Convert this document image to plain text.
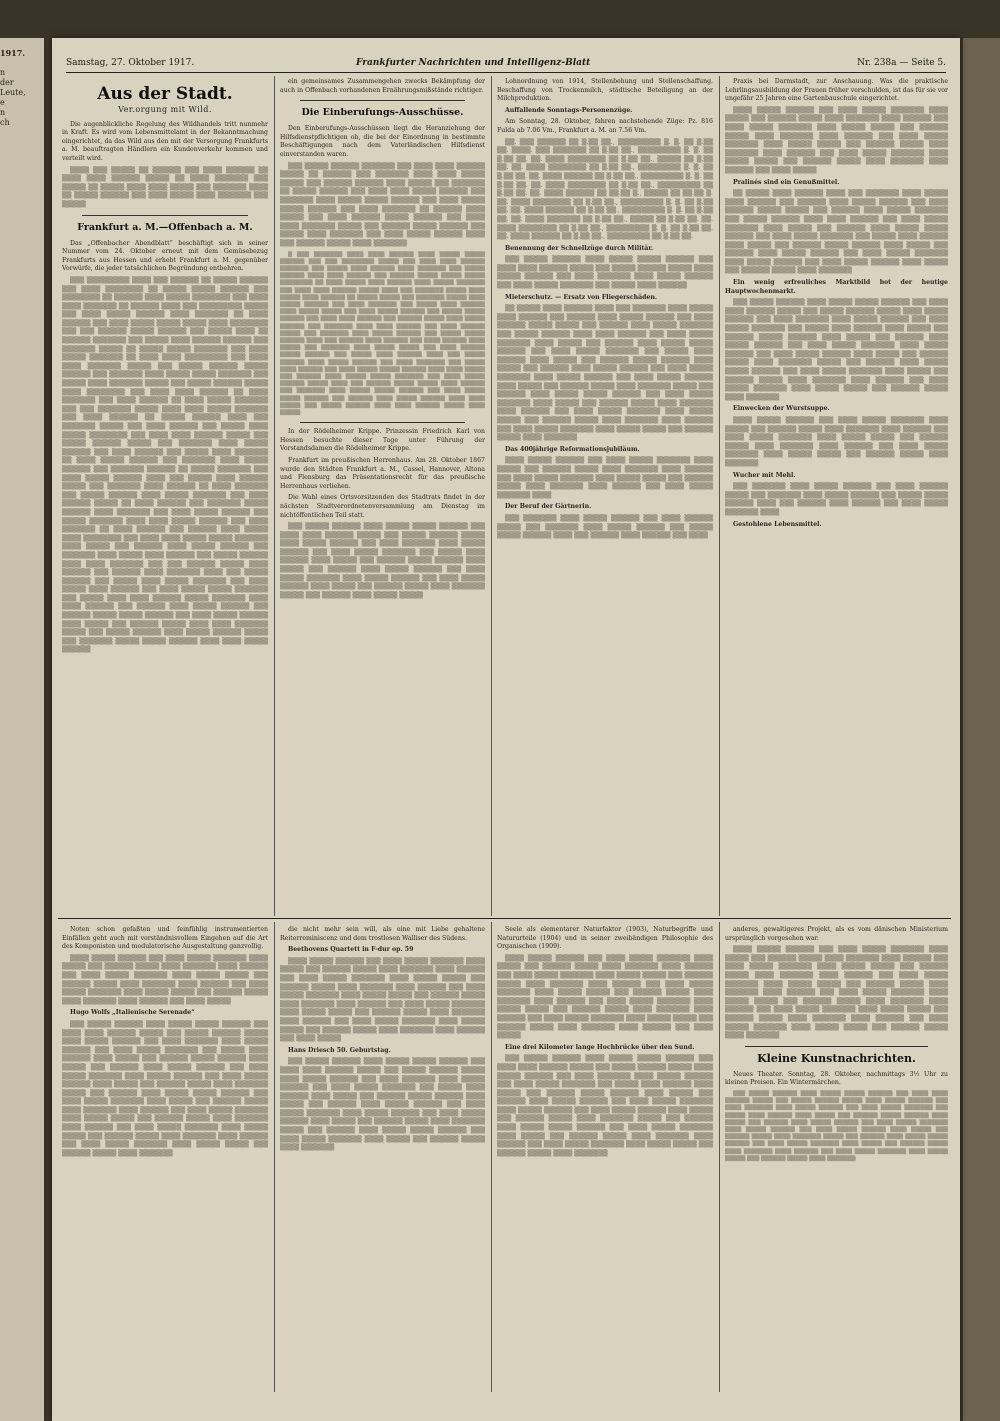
1917.
n
der
Leute,
e
n
ch
Samstag, 27. Oktober 1917.	Frankfurter Nachrichten und Intelligenz-Blatt	Nr. 238a — Seite 5.
Aus der Stadt.
Ver.orgung mit Wild.

Die augenblickliche Regelung des Wildhandels tritt nunmehr in Kraft. Es wird vom Lebensmittelamt in der Bekanntmachung eingerichtet, da das Wild aus den mit der Versorgung Frankfurts a. M. beauftragten Händlern ein Kundenverkehr kommen und verteilt wird.

▒▒▒▒ ▒▒▒ ▒▒▒▒▒ ▒▒ ▒▒▒▒▒▒ ▒▒▒ ▒▒▒▒ ▒▒▒▒▒▒ ▒▒ ▒▒▒▒ ▒▒▒▒ ▒▒▒▒▒▒ ▒▒▒▒▒ ▒▒ ▒▒▒▒ ▒▒▒▒▒▒▒ ▒▒▒ ▒▒▒▒▒ ▒▒ ▒▒▒▒▒ ▒▒▒▒ ▒▒▒▒ ▒▒▒▒▒ ▒▒▒ ▒▒▒▒▒▒▒ ▒▒▒▒ ▒▒ ▒▒▒▒▒ ▒▒▒▒▒▒ ▒▒▒ ▒▒▒▒ ▒▒▒▒▒ ▒▒▒▒ ▒▒▒▒▒▒▒ ▒▒▒ ▒▒▒▒▒

Frankfurt a. M.—Offenbach a. M.

Das „Offenbacher Abendblatt“ beschäftigt sich in seiner Nummer vom 24. Oktober erneut mit dem Gemüsebezug Frankfurts aus Hessen und erhebt Frankfurt a. M. gegenüber Vorwürfe, die jeder tatsächlichen Begründung entbehren.

▒▒▒ ▒▒▒▒▒▒▒▒▒ ▒▒▒▒ ▒▒▒ ▒▒▒▒▒▒ ▒▒ ▒▒▒▒▒ ▒▒▒▒▒▒ ▒▒▒ ▒▒▒▒ ▒▒▒▒▒▒▒▒ ▒▒ ▒▒▒▒▒ ▒▒▒▒▒ ▒▒▒▒▒▒ ▒▒▒ ▒▒▒▒▒▒▒▒ ▒▒ ▒▒▒▒▒▒ ▒▒▒▒ ▒▒▒▒▒ ▒▒▒▒▒▒▒▒ ▒▒▒ ▒▒▒▒ ▒▒▒▒ ▒▒▒▒▒▒▒ ▒▒ ▒▒▒▒▒▒ ▒▒▒▒ ▒▒▒ ▒▒▒▒▒▒▒▒▒ ▒▒▒▒▒ ▒▒▒ ▒▒▒▒ ▒▒▒▒▒ ▒▒▒▒▒▒ ▒▒▒▒ ▒▒▒▒▒▒▒ ▒▒ ▒▒▒▒ ▒▒▒▒▒▒ ▒▒▒ ▒▒▒▒ ▒▒▒▒▒ ▒▒▒▒▒ ▒▒▒▒▒ ▒▒▒▒ ▒▒▒▒▒▒▒▒ ▒▒▒ ▒▒▒ ▒▒▒▒▒▒ ▒▒▒▒▒ ▒▒▒▒▒▒ ▒▒▒ ▒▒▒▒▒ ▒▒▒▒ ▒▒ ▒▒▒▒▒▒ ▒▒▒▒▒▒▒ ▒▒▒ ▒▒▒▒▒ ▒▒▒▒ ▒▒▒▒▒▒ ▒▒▒▒▒▒ ▒▒▒ ▒▒▒▒▒▒▒ ▒▒▒▒▒ ▒▒ ▒▒▒▒▒ ▒▒▒▒▒ ▒▒▒▒▒▒▒ ▒▒▒ ▒▒▒▒ ▒▒▒▒▒ ▒▒▒▒▒▒▒ ▒▒ ▒▒▒▒ ▒▒▒▒ ▒▒▒▒▒▒▒▒▒ ▒▒▒ ▒▒▒▒ ▒▒▒▒ ▒▒▒▒▒▒▒ ▒▒▒▒▒ ▒▒▒ ▒▒▒▒▒ ▒▒▒▒▒▒ ▒▒▒▒▒ ▒▒▒▒▒▒ ▒▒▒ ▒▒▒▒▒▒▒ ▒▒▒▒ ▒▒▒▒▒ ▒▒▒▒▒ ▒▒▒▒▒▒▒ ▒▒▒ ▒▒▒▒▒ ▒▒▒▒ ▒▒▒▒▒▒▒ ▒▒▒▒▒ ▒▒▒ ▒▒▒▒▒ ▒▒▒▒▒▒ ▒▒▒▒▒ ▒▒▒▒ ▒▒▒▒▒▒▒▒ ▒▒▒ ▒▒▒▒ ▒▒▒▒ ▒▒▒▒▒▒ ▒▒ ▒▒▒▒ ▒▒▒▒▒▒▒ ▒▒▒ ▒▒▒▒ ▒▒▒▒▒▒ ▒▒ ▒▒▒▒ ▒▒▒▒▒ ▒▒▒▒▒▒▒ ▒▒▒ ▒▒▒ ▒▒▒▒▒▒▒ ▒▒▒▒▒ ▒▒▒▒ ▒▒▒▒ ▒▒▒▒▒ ▒▒▒▒▒▒▒ ▒▒▒ ▒▒▒▒ ▒▒▒▒▒▒ ▒▒ ▒▒▒▒▒ ▒▒▒▒▒▒ ▒▒▒▒ ▒▒▒ ▒▒▒▒▒▒▒ ▒▒▒▒▒ ▒▒▒ ▒▒▒▒ ▒▒▒▒▒▒ ▒▒▒ ▒▒▒▒▒ ▒▒▒▒ ▒▒▒▒▒ ▒▒▒▒▒▒▒▒ ▒▒▒ ▒▒▒▒ ▒▒▒▒ ▒▒▒▒▒▒ ▒▒▒▒▒ ▒▒▒ ▒▒▒▒▒ ▒▒▒▒▒▒ ▒▒▒▒▒ ▒▒▒ ▒▒▒▒▒▒▒ ▒▒▒▒ ▒▒▒▒▒ ▒▒▒▒▒▒ ▒▒▒ ▒▒▒▒ ▒▒▒▒▒▒ ▒▒▒ ▒▒▒▒▒ ▒▒▒▒ ▒▒▒▒▒▒▒ ▒▒ ▒▒▒▒ ▒▒▒▒▒ ▒▒▒▒▒▒ ▒▒▒ ▒▒▒▒▒▒▒ ▒▒▒▒ ▒▒▒▒▒ ▒▒▒▒▒▒ ▒▒▒ ▒▒▒▒▒▒▒ ▒▒▒▒▒▒ ▒▒ ▒▒▒▒▒ ▒▒▒▒▒▒▒ ▒▒▒ ▒▒▒▒ ▒▒▒▒▒ ▒▒▒▒▒▒ ▒▒▒▒ ▒▒▒ ▒▒▒▒▒ ▒▒▒▒ ▒▒▒▒▒▒ ▒▒▒▒▒ ▒▒▒ ▒▒▒▒▒▒▒ ▒▒▒▒ ▒▒▒▒▒▒ ▒▒ ▒▒▒▒ ▒▒▒▒▒▒▒ ▒▒▒ ▒▒▒▒▒ ▒▒▒▒▒▒ ▒▒▒▒ ▒▒▒▒▒ ▒▒▒▒▒▒▒ ▒▒▒ ▒▒▒▒ ▒▒▒▒▒▒ ▒▒▒▒▒ ▒▒ ▒▒▒▒ ▒▒▒▒▒▒ ▒▒▒ ▒▒▒▒▒▒▒ ▒▒▒▒▒ ▒▒▒▒▒▒ ▒▒▒▒ ▒▒▒▒▒▒▒ ▒▒▒ ▒▒▒▒ ▒▒▒▒▒ ▒▒▒▒▒▒ ▒▒▒ ▒▒▒▒▒ ▒▒▒▒▒▒▒ ▒▒▒▒ ▒▒▒▒ ▒▒▒▒▒ ▒▒▒▒▒▒ ▒▒▒ ▒▒▒▒ ▒▒▒▒▒▒▒ ▒▒ ▒▒▒▒ ▒▒▒▒▒▒ ▒▒▒ ▒▒▒▒▒▒ ▒▒▒▒ ▒▒▒▒▒ ▒▒▒▒ ▒▒▒▒▒▒▒▒ ▒▒▒ ▒▒▒▒ ▒▒▒▒ ▒▒▒▒▒ ▒▒▒▒▒ ▒▒▒▒▒▒▒ ▒▒▒▒ ▒▒▒▒▒ ▒▒▒ ▒▒▒▒▒▒ ▒▒▒▒ ▒▒▒▒▒ ▒▒▒▒▒▒ ▒▒▒ ▒▒▒▒▒▒▒ ▒▒▒▒ ▒▒▒▒▒ ▒▒▒▒ ▒▒▒▒▒▒ ▒▒▒ ▒▒▒▒▒ ▒▒▒▒▒▒ ▒▒▒▒ ▒▒▒▒ ▒▒▒▒▒▒▒ ▒▒▒ ▒▒▒ ▒▒▒▒▒▒ ▒▒▒▒▒ ▒▒▒▒ ▒▒▒▒▒▒ ▒▒▒ ▒▒▒▒▒▒ ▒▒▒▒ ▒▒▒▒▒▒▒ ▒▒▒▒ ▒▒▒ ▒▒▒▒▒ ▒▒▒▒▒▒ ▒▒▒ ▒▒▒▒▒ ▒▒▒▒ ▒▒▒▒▒ ▒▒▒▒▒▒▒ ▒▒▒ ▒▒▒▒ ▒▒▒▒▒ ▒▒▒▒ ▒▒▒▒▒▒ ▒▒▒ ▒▒▒▒ ▒▒▒▒▒ ▒▒▒▒▒ ▒▒▒▒▒▒▒ ▒▒▒ ▒▒▒▒▒ ▒▒▒▒ ▒▒▒▒ ▒▒▒▒▒▒ ▒▒▒▒▒ ▒▒▒▒▒▒▒ ▒▒▒▒ ▒▒▒▒ ▒▒▒▒▒▒ ▒▒▒ ▒▒▒▒▒▒ ▒▒▒▒ ▒▒▒▒▒ ▒▒▒▒▒▒ ▒▒▒ ▒▒▒▒▒▒ ▒▒▒▒▒ ▒▒▒▒▒ ▒▒▒▒▒▒ ▒▒▒ ▒▒▒▒ ▒▒▒▒▒ ▒▒▒▒▒▒ ▒▒▒▒ ▒▒▒▒▒ ▒▒▒ ▒▒▒▒▒▒ ▒▒▒▒▒ ▒▒▒▒ ▒▒▒▒ ▒▒▒▒▒▒▒ ▒▒▒▒▒ ▒▒▒ ▒▒▒▒▒ ▒▒▒▒▒▒ ▒▒▒▒ ▒▒▒▒▒ ▒▒▒▒▒▒ ▒▒▒▒▒ ▒▒▒ ▒▒▒▒▒▒▒ ▒▒▒▒▒ ▒▒▒▒▒ ▒▒▒▒▒▒ ▒▒▒▒ ▒▒▒▒ ▒▒▒▒▒ ▒▒▒▒▒▒

ein gemeinsames Zusammengehen zwecks Bekämpfung der auch in Offenbach vorhandenen Ernährungsmißstände richtiger.

Die Einberufungs-Ausschüsse.

Den Einberufungs-Ausschüssen liegt die Heranziehung der Hilfsdienstpflichtigen ob, die bei der Einordnung in bestimmte Beschäftigungen nach dem Vaterländischen Hilfsdienst einverstanden waren.

▒▒▒ ▒▒▒▒▒ ▒▒▒▒▒▒ ▒▒▒▒▒▒▒ ▒▒▒ ▒▒▒▒ ▒▒▒▒ ▒▒▒▒▒▒ ▒▒▒▒▒ ▒▒ ▒▒▒▒▒▒ ▒▒▒ ▒▒▒▒▒▒▒ ▒▒▒▒ ▒▒▒▒ ▒▒▒▒▒ ▒▒▒▒▒ ▒▒▒ ▒▒▒▒▒▒ ▒▒▒▒▒▒ ▒▒▒▒ ▒▒▒▒▒ ▒▒▒ ▒▒▒▒▒▒▒ ▒▒ ▒▒▒▒▒ ▒▒▒▒▒▒ ▒▒▒ ▒▒▒▒ ▒▒▒▒ ▒▒▒▒▒ ▒▒▒▒▒▒ ▒▒▒ ▒▒▒▒▒▒▒ ▒▒▒▒ ▒▒▒▒▒ ▒▒▒▒▒ ▒▒▒▒▒▒ ▒▒▒ ▒▒▒▒ ▒▒▒▒▒ ▒▒▒▒▒ ▒▒▒▒▒▒ ▒▒▒ ▒▒▒▒ ▒▒▒▒▒▒▒ ▒▒ ▒▒▒▒▒▒ ▒▒▒▒ ▒▒▒▒▒ ▒▒▒ ▒▒▒▒ ▒▒▒▒▒▒ ▒▒▒▒▒ ▒▒▒▒▒▒ ▒▒▒ ▒▒▒▒ ▒▒▒▒ ▒▒▒▒▒▒▒ ▒▒▒▒▒ ▒▒▒ ▒▒▒▒▒▒ ▒▒▒▒▒ ▒▒▒▒▒▒ ▒▒▒ ▒▒▒▒▒ ▒▒▒▒ ▒▒▒▒▒▒▒ ▒▒▒ ▒▒▒▒ ▒▒▒▒▒ ▒▒▒▒▒▒ ▒▒▒▒ ▒▒▒ ▒▒▒▒▒▒ ▒▒▒▒▒ ▒▒▒▒ ▒▒▒▒▒▒▒

▒ ▒▒▒ ▒▒▒▒▒▒▒ ▒▒▒▒ ▒▒▒▒ ▒▒▒▒▒▒ ▒▒▒▒ ▒▒▒▒▒ ▒▒▒▒▒ ▒▒▒▒▒▒ ▒▒▒ ▒▒▒ ▒▒▒▒▒▒▒▒ ▒▒▒▒▒ ▒▒▒ ▒▒▒▒ ▒▒▒▒ ▒▒▒▒▒▒ ▒▒▒▒▒▒▒ ▒▒▒ ▒▒▒▒▒ ▒▒▒▒ ▒▒▒▒▒▒ ▒▒▒▒ ▒▒▒▒▒▒▒ ▒▒▒ ▒▒▒▒▒ ▒▒▒▒▒▒ ▒▒▒▒ ▒▒▒▒ ▒▒▒▒▒▒ ▒▒▒ ▒▒▒▒▒▒ ▒▒▒▒▒ ▒▒▒▒▒ ▒▒▒▒▒ ▒▒▒▒▒▒▒▒ ▒▒ ▒▒▒▒ ▒▒▒▒▒ ▒▒▒▒ ▒▒▒▒▒▒ ▒▒▒▒ ▒▒▒▒▒ ▒▒▒▒▒▒▒ ▒▒▒ ▒▒▒▒ ▒▒▒▒ ▒▒▒▒▒▒ ▒▒▒▒▒ ▒▒▒▒ ▒▒▒ ▒▒▒▒▒▒▒ ▒▒▒▒▒ ▒▒▒▒ ▒▒▒▒▒ ▒▒▒▒ ▒▒▒▒▒▒ ▒▒ ▒▒▒▒▒ ▒▒▒▒▒ ▒▒▒ ▒▒▒▒▒▒▒ ▒▒▒▒▒ ▒▒▒▒ ▒▒▒▒▒ ▒▒▒▒▒▒ ▒▒▒ ▒▒▒▒ ▒▒▒▒▒▒▒ ▒▒▒ ▒▒▒▒▒ ▒▒▒▒ ▒▒▒▒▒▒ ▒▒▒▒ ▒▒▒▒▒ ▒▒▒▒▒ ▒▒▒ ▒▒▒▒ ▒▒▒▒▒ ▒▒▒▒▒▒ ▒▒▒ ▒▒▒▒▒ ▒▒▒▒▒ ▒▒▒▒▒▒ ▒▒▒ ▒▒▒▒ ▒▒▒▒ ▒▒▒▒▒▒ ▒▒▒ ▒▒▒▒▒▒ ▒▒▒▒▒ ▒▒▒▒ ▒▒▒▒▒ ▒▒▒▒▒▒ ▒▒▒ ▒▒▒▒▒▒▒ ▒▒▒▒ ▒▒▒▒ ▒▒▒▒▒▒ ▒▒▒ ▒▒▒▒ ▒▒▒▒▒▒ ▒▒▒▒▒ ▒▒▒ ▒▒▒▒▒▒▒ ▒▒▒▒ ▒▒▒▒▒ ▒▒▒▒▒▒ ▒▒▒ ▒▒▒▒▒ ▒▒▒▒▒ ▒▒▒▒▒▒ ▒▒▒▒ ▒▒▒ ▒▒▒▒▒▒ ▒▒▒▒ ▒▒▒▒▒▒ ▒▒▒ ▒▒▒▒ ▒▒▒▒▒▒ ▒▒▒▒ ▒▒▒▒▒ ▒▒▒ ▒▒▒▒▒▒▒ ▒▒▒▒ ▒▒▒▒▒ ▒▒▒▒▒ ▒▒▒ ▒▒▒▒ ▒▒▒▒▒▒ ▒▒▒▒▒ ▒▒▒▒▒▒ ▒▒▒ ▒▒▒▒▒ ▒▒▒▒ ▒▒▒▒▒▒ ▒▒▒▒ ▒▒▒ ▒▒▒▒▒ ▒▒▒▒▒▒ ▒▒▒▒ ▒▒▒▒▒ ▒▒▒▒▒▒ ▒▒▒ ▒▒▒▒ ▒▒▒▒▒▒▒ ▒▒▒ ▒▒▒▒▒ ▒▒▒▒ ▒▒▒▒▒▒ ▒▒▒ ▒▒▒▒ ▒▒▒▒▒ ▒▒▒▒▒ ▒▒▒▒▒▒ ▒▒▒▒ ▒▒▒▒ ▒▒▒▒▒ ▒▒▒ ▒▒▒▒▒▒ ▒▒▒▒ ▒▒▒▒▒ ▒▒▒▒▒ ▒▒▒▒▒▒▒ ▒▒▒ ▒▒▒▒ ▒▒▒▒▒ ▒▒▒▒▒▒ ▒▒▒▒▒ ▒▒▒▒ ▒▒▒ ▒▒▒▒▒▒ ▒▒▒▒▒ ▒▒▒▒▒ ▒▒▒▒ ▒▒▒▒▒▒ ▒▒▒ ▒▒▒▒▒▒▒ ▒▒▒▒ ▒▒▒▒▒ ▒▒▒▒▒ ▒▒▒▒▒▒ ▒▒▒ ▒▒▒▒ ▒▒▒▒▒ ▒▒▒▒▒ ▒▒▒▒▒▒ ▒▒▒ ▒▒▒▒▒▒ ▒▒▒▒ ▒▒▒▒▒ ▒▒▒▒▒▒ ▒▒▒▒ ▒▒▒▒ ▒▒▒▒▒ ▒▒▒ ▒▒▒▒▒ ▒▒▒▒▒▒ ▒▒▒▒ ▒▒▒▒ ▒▒▒▒▒▒ ▒▒▒▒▒ ▒▒▒▒ ▒▒▒▒▒

In der Rödelheimer Krippe. Prinzessin Friedrich Karl von Hessen besuchte dieser Tage unter Führung der Vorstandsdamen die Rödelheimer Krippe.

Frankfurt im preußischen Herrenhaus. Am 28. Oktober 1867 wurde den Städten Frankfurt a. M., Cassel, Hannover, Altona und Flensburg das Präsentationsrecht für das preußische Herrenhaus verliehen.

Die Wahl eines Ortsvorsitzenden des Stadtrats findet in der nächsten Stadtverordnetenversammlung am Dienstag im nichtöffentlichen Teil statt.

▒▒▒ ▒▒▒▒▒ ▒▒▒▒▒▒ ▒▒▒▒ ▒▒▒▒▒ ▒▒▒▒▒ ▒▒▒▒▒▒ ▒▒▒ ▒▒▒▒ ▒▒▒▒ ▒▒▒▒▒▒ ▒▒▒▒▒ ▒▒▒ ▒▒▒▒▒ ▒▒▒▒▒▒ ▒▒▒▒▒ ▒▒▒▒ ▒▒▒▒▒ ▒▒▒▒▒▒ ▒▒▒ ▒▒▒▒ ▒▒▒▒▒▒▒ ▒▒▒▒ ▒▒▒▒▒ ▒▒▒▒▒▒ ▒▒▒ ▒▒▒▒ ▒▒▒▒▒ ▒▒▒▒▒▒▒ ▒▒▒ ▒▒▒▒▒ ▒▒▒▒ ▒▒▒▒▒▒ ▒▒▒▒ ▒▒▒▒▒ ▒▒▒ ▒▒▒▒▒▒ ▒▒▒▒▒ ▒▒▒▒▒▒ ▒▒▒▒ ▒▒▒▒▒ ▒▒▒ ▒▒▒▒▒▒ ▒▒▒▒ ▒▒▒▒▒ ▒▒▒▒▒▒ ▒▒▒ ▒▒▒▒ ▒▒▒▒▒ ▒▒▒▒▒▒▒ ▒▒▒▒ ▒▒▒▒▒ ▒▒▒▒▒▒ ▒▒▒ ▒▒▒▒ ▒▒▒▒▒ ▒▒▒▒▒▒ ▒▒▒▒ ▒▒▒▒▒ ▒▒▒ ▒▒▒▒▒▒ ▒▒▒▒▒ ▒▒▒▒ ▒▒▒▒▒▒▒ ▒▒▒▒▒ ▒▒▒ ▒▒▒▒▒▒ ▒▒▒▒ ▒▒▒▒▒ ▒▒▒▒▒

Lohnordnung von 1914, Stellenbehung und Stellenschaffung. Beschaffung von Trockenmilch, städtische Beteiligung an der Milchproduktion.

Auffallende Sonntags-Personenzüge.

Am Sonntag, 28. Oktober, fahren nachstehende Züge: Pz. 816 Fulda ab 7.06 Vm., Frankfurt a. M. an 7.56 Vm.

▒▒. ▒▒▒ ▒▒▒▒▒▒ ▒▒ ▒.▒▒ ▒▒., ▒▒▒▒▒▒▒▒▒ ▒. ▒. ▒▒ ▒.▒▒ ▒▒. ▒▒▒▒. ▒▒▒ ▒▒▒▒▒▒▒ ▒▒ ▒.▒▒ ▒▒., ▒▒▒▒▒▒▒▒▒ ▒. ▒. ▒▒ ▒.▒▒ ▒▒. ▒▒. ▒▒▒▒ ▒▒▒▒▒▒▒▒ ▒▒ ▒.▒▒ ▒▒., ▒▒▒▒▒ ▒▒ ▒.▒▒ ▒▒. ▒▒. ▒▒▒▒ ▒▒▒▒▒▒▒▒ ▒▒ ▒.▒▒ ▒▒., ▒▒▒▒▒▒▒▒▒ ▒. ▒. ▒▒ ▒.▒▒ ▒▒. ▒▒. ▒▒▒▒ ▒▒▒▒▒▒ ▒▒ ▒.▒▒ ▒▒., ▒▒▒▒▒▒▒▒▒ ▒. ▒. ▒▒ ▒.▒▒ ▒▒. ▒▒. ▒▒▒▒ ▒▒▒▒▒▒▒▒ ▒▒ ▒.▒▒ ▒▒., ▒▒▒▒▒▒▒▒▒ ▒▒ ▒.▒▒ ▒▒. ▒▒. ▒▒▒▒ ▒▒▒▒▒▒ ▒▒ ▒▒.▒▒ ▒., ▒▒▒▒▒ ▒▒ ▒▒.▒▒ ▒. ▒▒. ▒▒▒▒ ▒▒▒▒▒▒▒▒ ▒▒ ▒.▒▒ ▒▒., ▒▒▒▒▒▒▒▒▒ ▒. ▒. ▒▒ ▒.▒▒ ▒▒. ▒▒. ▒▒▒▒ ▒▒▒▒▒▒ ▒▒ ▒.▒▒ ▒▒., ▒▒▒▒▒▒▒▒▒ ▒. ▒. ▒▒ ▒.▒▒ ▒▒. ▒▒. ▒▒▒▒ ▒▒▒▒▒▒▒ ▒▒ ▒.▒▒ ▒▒., ▒▒▒▒▒ ▒▒ ▒.▒▒ ▒▒. ▒▒. ▒▒▒▒ ▒▒▒▒▒▒▒▒ ▒▒ ▒.▒▒ ▒▒., ▒▒▒▒▒▒▒▒▒ ▒. ▒. ▒▒ ▒.▒▒ ▒▒. ▒▒. ▒▒▒▒ ▒▒▒▒▒▒ ▒▒ ▒.▒▒ ▒▒., ▒▒▒▒▒▒▒▒▒ ▒▒ ▒.▒▒ ▒▒.

Benennung der Schnellzüge durch Militär.

▒▒▒ ▒▒▒▒▒ ▒▒▒▒▒▒ ▒▒▒▒ ▒▒▒▒▒ ▒▒▒▒▒ ▒▒▒▒▒▒ ▒▒▒ ▒▒▒▒ ▒▒▒▒ ▒▒▒▒▒▒ ▒▒▒▒▒ ▒▒▒ ▒▒▒▒▒ ▒▒▒▒▒▒ ▒▒▒▒▒ ▒▒▒▒ ▒▒▒▒▒ ▒▒▒▒▒▒ ▒▒▒ ▒▒▒▒ ▒▒▒▒▒▒▒ ▒▒▒▒ ▒▒▒▒▒ ▒▒▒▒▒▒ ▒▒▒ ▒▒▒▒ ▒▒▒▒▒ ▒▒▒▒▒▒▒ ▒▒▒ ▒▒▒▒▒ ▒▒▒▒ ▒▒▒▒▒▒

Mieterschutz. — Ersatz von Fliegerschäden.

▒▒ ▒▒▒▒▒ ▒▒▒▒ ▒▒▒▒▒▒ ▒▒▒▒ ▒▒▒ ▒▒▒▒▒▒▒ ▒▒▒▒ ▒▒▒▒▒ ▒▒▒▒ ▒▒▒▒▒▒ ▒▒▒ ▒▒▒▒▒▒ ▒▒▒▒ ▒▒▒▒▒ ▒▒▒▒▒▒ ▒▒▒ ▒▒▒▒ ▒▒▒▒▒▒ ▒▒▒▒▒ ▒▒▒▒▒ ▒▒▒ ▒▒▒▒▒▒ ▒▒▒▒ ▒▒▒▒▒ ▒▒▒▒▒▒▒ ▒▒▒ ▒▒▒▒▒ ▒▒▒▒▒▒ ▒▒▒▒ ▒▒▒▒ ▒▒▒▒▒▒ ▒▒▒ ▒▒▒▒ ▒▒▒▒▒ ▒▒▒▒▒▒▒ ▒▒▒▒ ▒▒▒▒▒ ▒▒▒ ▒▒▒▒▒▒ ▒▒▒▒ ▒▒▒▒▒ ▒▒▒▒▒ ▒▒▒▒▒▒ ▒▒▒ ▒▒▒▒ ▒▒▒▒▒ ▒▒▒▒▒▒▒ ▒▒▒ ▒▒▒▒▒ ▒▒▒▒ ▒▒▒▒▒▒ ▒▒▒▒ ▒▒▒▒▒ ▒▒▒ ▒▒▒▒▒▒ ▒▒▒▒▒ ▒▒▒▒▒▒ ▒▒▒▒ ▒▒▒▒▒ ▒▒▒ ▒▒▒▒▒▒ ▒▒▒▒ ▒▒▒▒▒ ▒▒▒▒▒▒ ▒▒▒ ▒▒▒▒ ▒▒▒▒▒ ▒▒▒▒▒▒▒ ▒▒▒▒ ▒▒▒▒▒ ▒▒▒▒▒▒ ▒▒▒ ▒▒▒▒ ▒▒▒▒▒ ▒▒▒▒▒▒ ▒▒▒▒ ▒▒▒▒▒ ▒▒▒ ▒▒▒▒▒▒ ▒▒▒▒▒ ▒▒▒▒ ▒▒▒▒▒▒▒ ▒▒▒▒▒ ▒▒▒ ▒▒▒▒▒▒ ▒▒▒▒ ▒▒▒▒▒ ▒▒▒▒▒ ▒▒▒▒▒▒ ▒▒▒ ▒▒▒▒ ▒▒▒▒▒ ▒▒▒▒▒▒▒ ▒▒▒▒ ▒▒▒▒▒ ▒▒▒ ▒▒▒▒▒▒ ▒▒▒▒▒ ▒▒▒▒ ▒▒▒▒▒▒▒ ▒▒▒▒ ▒▒▒▒▒▒ ▒▒▒ ▒▒▒▒ ▒▒▒▒▒ ▒▒▒▒▒▒▒ ▒▒▒▒ ▒▒▒▒▒ ▒▒▒▒▒ ▒▒▒ ▒▒▒▒▒▒ ▒▒▒▒▒ ▒▒▒▒ ▒▒▒▒▒▒▒ ▒▒▒▒ ▒▒▒▒▒▒ ▒▒▒ ▒▒▒▒ ▒▒▒▒▒ ▒▒▒▒▒▒▒ ▒▒▒▒ ▒▒▒▒▒ ▒▒▒▒▒ ▒▒▒ ▒▒▒▒▒▒ ▒▒▒▒▒ ▒▒▒▒ ▒▒▒▒▒▒▒

Das 400jährige Reformationsjubiläum.

▒▒▒▒ ▒▒▒▒▒ ▒▒▒▒▒▒ ▒▒▒ ▒▒▒▒ ▒▒▒▒▒ ▒▒▒▒▒▒▒ ▒▒▒▒ ▒▒▒▒▒ ▒▒▒ ▒▒▒▒▒▒ ▒▒▒▒▒ ▒▒▒▒ ▒▒▒▒▒▒▒ ▒▒▒▒ ▒▒▒▒▒▒ ▒▒▒ ▒▒▒▒ ▒▒▒▒▒ ▒▒▒▒▒▒▒ ▒▒▒▒ ▒▒▒▒▒ ▒▒▒▒▒ ▒▒▒ ▒▒▒▒▒▒ ▒▒▒▒▒ ▒▒▒▒ ▒▒▒▒▒▒▒ ▒▒▒▒ ▒▒▒▒▒▒ ▒▒▒ ▒▒▒▒ ▒▒▒▒▒ ▒▒▒▒▒▒▒ ▒▒▒▒

Der Beruf der Gärtnerin.

▒▒▒ ▒▒▒▒▒▒▒ ▒▒▒▒ ▒▒▒▒▒ ▒▒▒▒▒▒ ▒▒▒ ▒▒▒▒ ▒▒▒▒▒▒ ▒▒▒▒▒ ▒▒▒ ▒▒▒▒▒▒▒ ▒▒▒▒ ▒▒▒▒▒ ▒▒▒▒▒▒ ▒▒▒ ▒▒▒▒▒ ▒▒▒▒▒ ▒▒▒▒▒▒ ▒▒▒▒ ▒▒▒ ▒▒▒▒▒▒ ▒▒▒▒ ▒▒▒▒▒▒ ▒▒▒ ▒▒▒▒

Praxis bei Darmstadt, zur Anschauung. Was die praktische Lehrlingsausbildung der Frauen früher verschulden, ist das für sie vor ungefähr 25 Jahren eine Gartenbauschule eingerichtet.

▒▒▒▒ ▒▒▒▒▒ ▒▒▒▒▒▒ ▒▒▒ ▒▒▒▒ ▒▒▒▒▒ ▒▒▒▒▒▒▒ ▒▒▒▒ ▒▒▒▒▒ ▒▒▒ ▒▒▒▒▒▒ ▒▒▒▒▒ ▒▒▒▒ ▒▒▒▒▒▒▒ ▒▒▒▒ ▒▒▒▒▒▒ ▒▒▒ ▒▒▒▒ ▒▒▒▒▒ ▒▒▒▒▒▒▒ ▒▒▒▒ ▒▒▒▒▒ ▒▒▒▒▒ ▒▒▒ ▒▒▒▒▒▒ ▒▒▒▒▒ ▒▒▒▒ ▒▒▒▒▒▒▒ ▒▒▒▒ ▒▒▒▒▒▒ ▒▒▒ ▒▒▒▒ ▒▒▒▒▒ ▒▒▒▒▒▒▒ ▒▒▒▒ ▒▒▒▒▒ ▒▒▒▒▒ ▒▒▒ ▒▒▒▒▒▒ ▒▒▒▒▒ ▒▒▒▒ ▒▒▒▒▒▒▒ ▒▒▒▒ ▒▒▒▒▒▒ ▒▒▒ ▒▒▒▒ ▒▒▒▒▒ ▒▒▒▒▒▒▒ ▒▒▒▒ ▒▒▒▒▒ ▒▒▒▒▒ ▒▒▒ ▒▒▒▒▒▒ ▒▒▒▒▒ ▒▒▒▒ ▒▒▒▒▒▒▒ ▒▒▒▒ ▒▒▒▒▒▒ ▒▒▒ ▒▒▒▒ ▒▒▒▒▒

Pralinés sind ein Genußmittel.

▒▒ ▒▒▒▒▒ ▒▒▒▒ ▒▒▒▒▒▒ ▒▒▒▒ ▒▒▒ ▒▒▒▒▒▒▒ ▒▒▒▒ ▒▒▒▒▒ ▒▒▒▒ ▒▒▒▒▒▒ ▒▒▒ ▒▒▒▒▒▒ ▒▒▒▒ ▒▒▒▒▒ ▒▒▒▒▒▒ ▒▒▒ ▒▒▒▒ ▒▒▒▒▒▒ ▒▒▒▒▒ ▒▒▒▒▒ ▒▒▒ ▒▒▒▒▒▒ ▒▒▒▒ ▒▒▒▒▒ ▒▒▒▒▒▒▒ ▒▒▒ ▒▒▒▒▒ ▒▒▒▒▒▒ ▒▒▒▒ ▒▒▒▒ ▒▒▒▒▒▒ ▒▒▒ ▒▒▒▒ ▒▒▒▒▒ ▒▒▒▒▒▒▒ ▒▒▒▒ ▒▒▒▒▒ ▒▒▒ ▒▒▒▒▒▒ ▒▒▒▒ ▒▒▒▒▒ ▒▒▒▒▒ ▒▒▒▒▒▒ ▒▒▒ ▒▒▒▒ ▒▒▒▒▒ ▒▒▒▒▒▒▒ ▒▒▒ ▒▒▒▒▒ ▒▒▒▒ ▒▒▒▒▒▒ ▒▒▒▒ ▒▒▒▒▒ ▒▒▒ ▒▒▒▒▒▒ ▒▒▒▒▒ ▒▒▒▒▒▒ ▒▒▒▒ ▒▒▒▒▒ ▒▒▒ ▒▒▒▒▒▒ ▒▒▒▒ ▒▒▒▒▒ ▒▒▒▒▒▒ ▒▒▒ ▒▒▒▒ ▒▒▒▒▒ ▒▒▒▒▒▒▒ ▒▒▒▒ ▒▒▒▒▒ ▒▒▒▒▒▒ ▒▒▒ ▒▒▒▒ ▒▒▒▒▒ ▒▒▒▒▒▒ ▒▒▒▒ ▒▒▒▒▒ ▒▒▒ ▒▒▒▒▒▒ ▒▒▒▒▒ ▒▒▒▒ ▒▒▒▒▒▒▒

Ein wenig erfreuliches Marktbild bot der heutige Hauptwochenmarkt.

▒▒▒ ▒▒▒▒▒ ▒▒▒▒▒▒ ▒▒▒▒ ▒▒▒▒▒ ▒▒▒▒▒ ▒▒▒▒▒▒ ▒▒▒ ▒▒▒▒ ▒▒▒▒ ▒▒▒▒▒▒ ▒▒▒▒▒ ▒▒▒ ▒▒▒▒▒ ▒▒▒▒▒▒ ▒▒▒▒▒ ▒▒▒▒ ▒▒▒▒▒ ▒▒▒▒▒▒ ▒▒▒ ▒▒▒▒ ▒▒▒▒▒▒▒ ▒▒▒▒ ▒▒▒▒▒ ▒▒▒▒▒▒ ▒▒▒ ▒▒▒▒ ▒▒▒▒▒ ▒▒▒▒▒▒▒ ▒▒▒ ▒▒▒▒▒ ▒▒▒▒ ▒▒▒▒▒▒ ▒▒▒▒ ▒▒▒▒▒ ▒▒▒ ▒▒▒▒▒▒ ▒▒▒▒▒ ▒▒▒▒▒▒ ▒▒▒▒ ▒▒▒▒▒ ▒▒▒ ▒▒▒▒▒▒ ▒▒▒▒ ▒▒▒▒▒ ▒▒▒▒▒▒ ▒▒▒ ▒▒▒▒ ▒▒▒▒▒ ▒▒▒▒▒▒▒ ▒▒▒▒ ▒▒▒▒▒ ▒▒▒▒▒▒ ▒▒▒ ▒▒▒▒ ▒▒▒▒▒ ▒▒▒▒▒▒ ▒▒▒▒ ▒▒▒▒▒ ▒▒▒ ▒▒▒▒▒▒ ▒▒▒▒▒ ▒▒▒▒ ▒▒▒▒▒▒▒ ▒▒▒▒▒ ▒▒▒ ▒▒▒▒▒▒ ▒▒▒▒ ▒▒▒▒▒ ▒▒▒▒▒ ▒▒▒▒▒▒ ▒▒▒ ▒▒▒▒ ▒▒▒▒▒ ▒▒▒▒▒▒▒ ▒▒▒▒ ▒▒▒▒▒ ▒▒▒ ▒▒▒▒▒▒ ▒▒▒▒▒ ▒▒▒▒ ▒▒▒▒▒▒▒ ▒▒▒▒ ▒▒▒▒▒▒ ▒▒▒ ▒▒▒▒ ▒▒▒▒▒ ▒▒▒▒▒▒▒ ▒▒▒▒ ▒▒▒▒▒ ▒▒▒▒▒ ▒▒▒ ▒▒▒▒▒▒ ▒▒▒▒▒ ▒▒▒▒ ▒▒▒▒▒▒▒

Einwecken der Wurstsuppe.

▒▒▒▒ ▒▒▒▒▒ ▒▒▒▒▒▒ ▒▒▒ ▒▒▒▒ ▒▒▒▒▒ ▒▒▒▒▒▒▒ ▒▒▒▒ ▒▒▒▒▒ ▒▒▒ ▒▒▒▒▒▒ ▒▒▒▒▒ ▒▒▒▒ ▒▒▒▒▒▒▒ ▒▒▒▒ ▒▒▒▒▒▒ ▒▒▒ ▒▒▒▒ ▒▒▒▒▒ ▒▒▒▒▒▒▒ ▒▒▒▒ ▒▒▒▒▒ ▒▒▒▒▒ ▒▒▒ ▒▒▒▒▒▒ ▒▒▒▒▒ ▒▒▒▒ ▒▒▒▒▒▒▒ ▒▒▒▒ ▒▒▒▒▒▒ ▒▒▒ ▒▒▒▒ ▒▒▒▒▒ ▒▒▒▒▒▒▒ ▒▒▒▒ ▒▒▒▒▒ ▒▒▒▒▒ ▒▒▒ ▒▒▒▒▒▒ ▒▒▒▒▒ ▒▒▒▒ ▒▒▒▒▒▒▒

Wucher mit Mehl.

▒▒▒ ▒▒▒▒▒▒▒ ▒▒▒▒ ▒▒▒▒▒ ▒▒▒▒▒▒ ▒▒▒ ▒▒▒▒ ▒▒▒▒▒▒ ▒▒▒▒▒ ▒▒▒ ▒▒▒▒▒▒▒ ▒▒▒▒ ▒▒▒▒▒ ▒▒▒▒▒▒ ▒▒▒ ▒▒▒▒▒ ▒▒▒▒▒ ▒▒▒▒▒▒ ▒▒▒▒ ▒▒▒ ▒▒▒▒▒▒ ▒▒▒▒ ▒▒▒▒▒▒ ▒▒▒ ▒▒▒▒ ▒▒▒▒▒ ▒▒▒▒▒▒▒ ▒▒▒▒

Gestohlene Lebensmittel.

Noten schon gefaßten und feinfühlig instrumentierten Einfällen geht auch mit verständnisvollem Eingehen auf die Art des Komponisten und modulatorische Ausgestaltung ganzvollig.

▒▒▒▒ ▒▒▒▒▒ ▒▒▒▒▒▒ ▒▒▒ ▒▒▒▒ ▒▒▒▒▒ ▒▒▒▒▒▒▒ ▒▒▒▒ ▒▒▒▒▒ ▒▒▒ ▒▒▒▒▒▒ ▒▒▒▒▒ ▒▒▒▒ ▒▒▒▒▒▒▒ ▒▒▒▒ ▒▒▒▒▒▒ ▒▒▒ ▒▒▒▒ ▒▒▒▒▒ ▒▒▒▒▒▒▒ ▒▒▒▒ ▒▒▒▒▒ ▒▒▒▒▒ ▒▒▒ ▒▒▒▒▒▒ ▒▒▒▒▒ ▒▒▒▒ ▒▒▒▒▒▒▒ ▒▒▒▒ ▒▒▒▒▒▒ ▒▒▒ ▒▒▒▒ ▒▒▒▒▒ ▒▒▒▒▒▒▒ ▒▒▒▒ ▒▒▒▒▒ ▒▒▒▒▒ ▒▒▒ ▒▒▒▒▒▒ ▒▒▒▒▒ ▒▒▒▒ ▒▒▒▒▒▒▒ ▒▒▒▒ ▒▒▒▒▒▒ ▒▒▒ ▒▒▒▒ ▒▒▒▒▒

Hugo Wolfs „Italienische Serenade“

▒▒▒ ▒▒▒▒▒ ▒▒▒▒▒▒ ▒▒▒▒ ▒▒▒▒▒ ▒▒▒▒▒ ▒▒▒▒▒▒ ▒▒▒ ▒▒▒▒ ▒▒▒▒ ▒▒▒▒▒▒ ▒▒▒▒▒ ▒▒▒ ▒▒▒▒▒ ▒▒▒▒▒▒ ▒▒▒▒▒ ▒▒▒▒ ▒▒▒▒▒ ▒▒▒▒▒▒ ▒▒▒ ▒▒▒▒ ▒▒▒▒▒▒▒ ▒▒▒▒ ▒▒▒▒▒ ▒▒▒▒▒▒ ▒▒▒ ▒▒▒▒ ▒▒▒▒▒ ▒▒▒▒▒▒▒ ▒▒▒ ▒▒▒▒▒ ▒▒▒▒ ▒▒▒▒▒▒ ▒▒▒▒ ▒▒▒▒▒ ▒▒▒ ▒▒▒▒▒▒ ▒▒▒▒▒ ▒▒▒▒▒▒ ▒▒▒▒ ▒▒▒▒▒ ▒▒▒ ▒▒▒▒▒▒ ▒▒▒▒ ▒▒▒▒▒ ▒▒▒▒▒▒ ▒▒▒ ▒▒▒▒ ▒▒▒▒▒ ▒▒▒▒▒▒▒ ▒▒▒▒ ▒▒▒▒▒ ▒▒▒▒▒▒ ▒▒▒ ▒▒▒▒ ▒▒▒▒▒ ▒▒▒▒▒▒ ▒▒▒▒ ▒▒▒▒▒ ▒▒▒ ▒▒▒▒▒▒ ▒▒▒▒▒ ▒▒▒▒ ▒▒▒▒▒▒▒ ▒▒▒▒▒ ▒▒▒ ▒▒▒▒▒▒ ▒▒▒▒ ▒▒▒▒▒ ▒▒▒▒▒ ▒▒▒▒▒▒ ▒▒▒ ▒▒▒▒ ▒▒▒▒▒ ▒▒▒▒▒▒▒ ▒▒▒▒ ▒▒▒▒▒ ▒▒▒ ▒▒▒▒▒▒ ▒▒▒▒▒ ▒▒▒▒ ▒▒▒▒▒▒▒ ▒▒▒▒ ▒▒▒▒▒▒ ▒▒▒ ▒▒▒▒ ▒▒▒▒▒ ▒▒▒▒▒▒▒ ▒▒▒▒ ▒▒▒▒▒ ▒▒▒▒▒ ▒▒▒ ▒▒▒▒▒▒ ▒▒▒▒▒ ▒▒▒▒ ▒▒▒▒▒▒▒ ▒▒▒▒ ▒▒▒▒▒▒ ▒▒▒ ▒▒▒▒ ▒▒▒▒▒ ▒▒▒▒▒▒▒ ▒▒▒▒ ▒▒▒▒▒ ▒▒▒▒▒ ▒▒▒ ▒▒▒▒▒▒ ▒▒▒▒▒ ▒▒▒▒ ▒▒▒▒▒▒▒ ▒▒▒▒ ▒▒▒▒▒▒ ▒▒▒ ▒▒▒▒ ▒▒▒▒▒ ▒▒▒▒▒▒▒ ▒▒▒▒ ▒▒▒▒▒ ▒▒▒▒▒ ▒▒▒ ▒▒▒▒▒▒ ▒▒▒▒▒ ▒▒▒▒ ▒▒▒▒▒▒▒

die nicht mehr sein will, als eine mit Liebe gehaltene Reiterreminiscenz und dem trostlosen Walliser des Südens.

Beethovens Quartett in F-dur op. 59

▒▒▒▒ ▒▒▒▒▒ ▒▒▒▒▒▒ ▒▒▒ ▒▒▒▒ ▒▒▒▒▒ ▒▒▒▒▒▒▒ ▒▒▒▒ ▒▒▒▒▒ ▒▒▒ ▒▒▒▒▒▒ ▒▒▒▒▒ ▒▒▒▒ ▒▒▒▒▒▒▒ ▒▒▒▒ ▒▒▒▒▒▒ ▒▒▒ ▒▒▒▒ ▒▒▒▒▒ ▒▒▒▒▒▒▒ ▒▒▒▒ ▒▒▒▒▒ ▒▒▒▒▒ ▒▒▒ ▒▒▒▒▒▒ ▒▒▒▒▒ ▒▒▒▒ ▒▒▒▒▒▒▒ ▒▒▒▒ ▒▒▒▒▒▒ ▒▒▒ ▒▒▒▒ ▒▒▒▒▒ ▒▒▒▒▒▒▒ ▒▒▒▒ ▒▒▒▒▒ ▒▒▒▒▒ ▒▒▒ ▒▒▒▒▒▒ ▒▒▒▒▒ ▒▒▒▒ ▒▒▒▒▒▒▒ ▒▒▒▒ ▒▒▒▒▒▒ ▒▒▒ ▒▒▒▒ ▒▒▒▒▒ ▒▒▒▒▒▒▒ ▒▒▒▒ ▒▒▒▒▒ ▒▒▒▒▒ ▒▒▒ ▒▒▒▒▒▒ ▒▒▒▒▒ ▒▒▒▒ ▒▒▒▒▒▒▒ ▒▒▒▒ ▒▒▒▒▒▒ ▒▒▒ ▒▒▒▒ ▒▒▒▒▒ ▒▒▒▒▒▒▒ ▒▒▒▒ ▒▒▒▒▒ ▒▒▒▒▒ ▒▒▒ ▒▒▒▒▒▒ ▒▒▒▒▒ ▒▒▒▒ ▒▒▒▒▒▒▒ ▒▒▒▒ ▒▒▒▒▒▒ ▒▒▒ ▒▒▒▒ ▒▒▒▒▒

Hans Driesch 50. Geburtstag.

▒▒▒ ▒▒▒▒▒ ▒▒▒▒▒▒ ▒▒▒▒ ▒▒▒▒▒ ▒▒▒▒▒ ▒▒▒▒▒▒ ▒▒▒ ▒▒▒▒ ▒▒▒▒ ▒▒▒▒▒▒ ▒▒▒▒▒ ▒▒▒ ▒▒▒▒▒ ▒▒▒▒▒▒ ▒▒▒▒▒ ▒▒▒▒ ▒▒▒▒▒ ▒▒▒▒▒▒ ▒▒▒ ▒▒▒▒ ▒▒▒▒▒▒▒ ▒▒▒▒ ▒▒▒▒▒ ▒▒▒▒▒▒ ▒▒▒ ▒▒▒▒ ▒▒▒▒▒ ▒▒▒▒▒▒▒ ▒▒▒ ▒▒▒▒▒ ▒▒▒▒ ▒▒▒▒▒▒ ▒▒▒▒ ▒▒▒▒▒ ▒▒▒ ▒▒▒▒▒▒ ▒▒▒▒▒ ▒▒▒▒▒▒ ▒▒▒▒ ▒▒▒▒▒ ▒▒▒ ▒▒▒▒▒▒ ▒▒▒▒ ▒▒▒▒▒ ▒▒▒▒▒▒ ▒▒▒ ▒▒▒▒ ▒▒▒▒▒ ▒▒▒▒▒▒▒ ▒▒▒▒ ▒▒▒▒▒ ▒▒▒▒▒▒ ▒▒▒ ▒▒▒▒ ▒▒▒▒▒ ▒▒▒▒▒▒ ▒▒▒▒ ▒▒▒▒▒ ▒▒▒ ▒▒▒▒▒▒ ▒▒▒▒▒ ▒▒▒▒ ▒▒▒▒▒▒▒ ▒▒▒▒▒ ▒▒▒ ▒▒▒▒▒▒ ▒▒▒▒ ▒▒▒▒▒ ▒▒▒▒▒ ▒▒▒▒▒▒ ▒▒▒ ▒▒▒▒ ▒▒▒▒▒ ▒▒▒▒▒▒▒ ▒▒▒▒ ▒▒▒▒▒ ▒▒▒ ▒▒▒▒▒▒ ▒▒▒▒▒ ▒▒▒▒ ▒▒▒▒▒▒▒

Seele als elementarer Naturfaktor (1903), Naturbegriffe und Natururteile (1904) und in seiner zweibändigen Philosophie des Organischen (1909).

▒▒▒▒ ▒▒▒▒▒ ▒▒▒▒▒▒ ▒▒▒ ▒▒▒▒ ▒▒▒▒▒ ▒▒▒▒▒▒▒ ▒▒▒▒ ▒▒▒▒▒ ▒▒▒ ▒▒▒▒▒▒ ▒▒▒▒▒ ▒▒▒▒ ▒▒▒▒▒▒▒ ▒▒▒▒ ▒▒▒▒▒▒ ▒▒▒ ▒▒▒▒ ▒▒▒▒▒ ▒▒▒▒▒▒▒ ▒▒▒▒ ▒▒▒▒▒ ▒▒▒▒▒ ▒▒▒ ▒▒▒▒▒▒ ▒▒▒▒▒ ▒▒▒▒ ▒▒▒▒▒▒▒ ▒▒▒▒ ▒▒▒▒▒▒ ▒▒▒ ▒▒▒▒ ▒▒▒▒▒ ▒▒▒▒▒▒▒ ▒▒▒▒ ▒▒▒▒▒ ▒▒▒▒▒ ▒▒▒ ▒▒▒▒▒▒ ▒▒▒▒▒ ▒▒▒▒ ▒▒▒▒▒▒▒ ▒▒▒▒ ▒▒▒▒▒▒ ▒▒▒ ▒▒▒▒ ▒▒▒▒▒ ▒▒▒▒▒▒▒ ▒▒▒▒ ▒▒▒▒▒ ▒▒▒▒▒ ▒▒▒ ▒▒▒▒▒▒ ▒▒▒▒▒ ▒▒▒▒ ▒▒▒▒▒▒▒ ▒▒▒▒ ▒▒▒▒▒▒ ▒▒▒ ▒▒▒▒ ▒▒▒▒▒ ▒▒▒▒▒▒▒ ▒▒▒▒ ▒▒▒▒▒ ▒▒▒▒▒ ▒▒▒ ▒▒▒▒▒▒ ▒▒▒▒▒ ▒▒▒▒ ▒▒▒▒▒▒▒ ▒▒▒▒ ▒▒▒▒▒▒ ▒▒▒ ▒▒▒▒ ▒▒▒▒▒

Eine drei Kilometer lange Hochbrücke über den Sund.

▒▒▒ ▒▒▒▒▒ ▒▒▒▒▒▒ ▒▒▒▒ ▒▒▒▒▒ ▒▒▒▒▒ ▒▒▒▒▒▒ ▒▒▒ ▒▒▒▒ ▒▒▒▒ ▒▒▒▒▒▒ ▒▒▒▒▒ ▒▒▒ ▒▒▒▒▒ ▒▒▒▒▒▒ ▒▒▒▒▒ ▒▒▒▒ ▒▒▒▒▒ ▒▒▒▒▒▒ ▒▒▒ ▒▒▒▒ ▒▒▒▒▒▒▒ ▒▒▒▒ ▒▒▒▒▒ ▒▒▒▒▒▒ ▒▒▒ ▒▒▒▒ ▒▒▒▒▒ ▒▒▒▒▒▒▒ ▒▒▒ ▒▒▒▒▒ ▒▒▒▒ ▒▒▒▒▒▒ ▒▒▒▒ ▒▒▒▒▒ ▒▒▒ ▒▒▒▒▒▒ ▒▒▒▒▒ ▒▒▒▒▒▒ ▒▒▒▒ ▒▒▒▒▒ ▒▒▒ ▒▒▒▒▒▒ ▒▒▒▒ ▒▒▒▒▒ ▒▒▒▒▒▒ ▒▒▒ ▒▒▒▒ ▒▒▒▒▒ ▒▒▒▒▒▒▒ ▒▒▒▒ ▒▒▒▒▒ ▒▒▒▒▒▒ ▒▒▒ ▒▒▒▒ ▒▒▒▒▒ ▒▒▒▒▒▒ ▒▒▒▒ ▒▒▒▒▒ ▒▒▒ ▒▒▒▒▒▒ ▒▒▒▒▒ ▒▒▒▒ ▒▒▒▒▒▒▒ ▒▒▒▒▒ ▒▒▒ ▒▒▒▒▒▒ ▒▒▒▒ ▒▒▒▒▒ ▒▒▒▒▒ ▒▒▒▒▒▒ ▒▒▒ ▒▒▒▒ ▒▒▒▒▒ ▒▒▒▒▒▒▒ ▒▒▒▒ ▒▒▒▒▒ ▒▒▒ ▒▒▒▒▒▒ ▒▒▒▒▒ ▒▒▒▒ ▒▒▒▒▒▒▒ ▒▒▒▒ ▒▒▒▒▒▒ ▒▒▒ ▒▒▒▒ ▒▒▒▒▒ ▒▒▒▒▒▒▒ ▒▒▒▒ ▒▒▒▒▒ ▒▒▒▒▒ ▒▒▒ ▒▒▒▒▒▒ ▒▒▒▒▒ ▒▒▒▒ ▒▒▒▒▒▒▒

anderes, gewaltigeres Projekt, als es vom dänischen Ministerium ursprünglich vorgesehen war.

▒▒▒▒ ▒▒▒▒▒ ▒▒▒▒▒▒ ▒▒▒ ▒▒▒▒ ▒▒▒▒▒ ▒▒▒▒▒▒▒ ▒▒▒▒ ▒▒▒▒▒ ▒▒▒ ▒▒▒▒▒▒ ▒▒▒▒▒ ▒▒▒▒ ▒▒▒▒▒▒▒ ▒▒▒▒ ▒▒▒▒▒▒ ▒▒▒ ▒▒▒▒ ▒▒▒▒▒ ▒▒▒▒▒▒▒ ▒▒▒▒ ▒▒▒▒▒ ▒▒▒▒▒ ▒▒▒ ▒▒▒▒▒▒ ▒▒▒▒▒ ▒▒▒▒ ▒▒▒▒▒▒▒ ▒▒▒▒ ▒▒▒▒▒▒ ▒▒▒ ▒▒▒▒ ▒▒▒▒▒ ▒▒▒▒▒▒▒ ▒▒▒▒ ▒▒▒▒▒ ▒▒▒▒▒ ▒▒▒ ▒▒▒▒▒▒ ▒▒▒▒▒ ▒▒▒▒ ▒▒▒▒▒▒▒ ▒▒▒▒ ▒▒▒▒▒▒ ▒▒▒ ▒▒▒▒ ▒▒▒▒▒ ▒▒▒▒▒▒▒ ▒▒▒▒ ▒▒▒▒▒ ▒▒▒▒▒ ▒▒▒ ▒▒▒▒▒▒ ▒▒▒▒▒ ▒▒▒▒ ▒▒▒▒▒▒▒ ▒▒▒▒ ▒▒▒▒▒▒ ▒▒▒ ▒▒▒▒ ▒▒▒▒▒ ▒▒▒▒▒▒▒ ▒▒▒▒ ▒▒▒▒▒ ▒▒▒▒▒ ▒▒▒ ▒▒▒▒▒▒ ▒▒▒▒▒ ▒▒▒▒ ▒▒▒▒▒▒▒ ▒▒▒▒ ▒▒▒▒▒▒ ▒▒▒ ▒▒▒▒ ▒▒▒▒▒ ▒▒▒▒▒▒▒ ▒▒▒▒ ▒▒▒▒▒ ▒▒▒▒▒ ▒▒▒ ▒▒▒▒▒▒ ▒▒▒▒▒ ▒▒▒▒ ▒▒▒▒▒▒▒

Kleine Kunstnachrichten.

Neues Theater. Sonntag, 28. Oktober, nachmittags 3½ Uhr zu kleinen Preisen. Ein Wintermärchen.

▒▒▒ ▒▒▒▒▒ ▒▒▒▒▒▒ ▒▒▒▒ ▒▒▒▒▒ ▒▒▒▒▒ ▒▒▒▒▒▒ ▒▒▒ ▒▒▒▒ ▒▒▒▒ ▒▒▒▒▒▒ ▒▒▒▒▒ ▒▒▒ ▒▒▒▒▒ ▒▒▒▒▒▒ ▒▒▒▒▒ ▒▒▒▒ ▒▒▒▒▒ ▒▒▒▒▒▒ ▒▒▒ ▒▒▒▒ ▒▒▒▒▒▒▒ ▒▒▒▒ ▒▒▒▒▒ ▒▒▒▒▒▒ ▒▒▒ ▒▒▒▒ ▒▒▒▒▒ ▒▒▒▒▒▒▒ ▒▒▒ ▒▒▒▒▒ ▒▒▒▒ ▒▒▒▒▒▒ ▒▒▒▒ ▒▒▒▒▒ ▒▒▒ ▒▒▒▒▒▒ ▒▒▒▒▒ ▒▒▒▒▒▒ ▒▒▒▒ ▒▒▒▒▒ ▒▒▒ ▒▒▒▒▒▒ ▒▒▒▒ ▒▒▒▒▒ ▒▒▒▒▒▒ ▒▒▒ ▒▒▒▒ ▒▒▒▒▒ ▒▒▒▒▒▒▒ ▒▒▒▒ ▒▒▒▒▒ ▒▒▒▒▒▒ ▒▒▒ ▒▒▒▒ ▒▒▒▒▒ ▒▒▒▒▒▒ ▒▒▒▒ ▒▒▒▒▒ ▒▒▒ ▒▒▒▒▒▒ ▒▒▒▒▒ ▒▒▒▒ ▒▒▒▒▒▒▒ ▒▒▒▒▒ ▒▒▒ ▒▒▒▒▒▒ ▒▒▒▒ ▒▒▒▒▒ ▒▒▒▒▒ ▒▒▒▒▒▒ ▒▒▒ ▒▒▒▒ ▒▒▒▒▒ ▒▒▒▒▒▒▒ ▒▒▒▒ ▒▒▒▒▒ ▒▒▒ ▒▒▒▒▒▒ ▒▒▒▒▒ ▒▒▒▒ ▒▒▒▒▒▒▒ ▒▒▒▒ ▒▒▒▒▒▒ ▒▒▒ ▒▒▒▒ ▒▒▒▒▒ ▒▒▒▒▒▒▒ ▒▒▒▒ ▒▒▒▒▒ ▒▒▒▒▒ ▒▒▒ ▒▒▒▒▒▒ ▒▒▒▒▒ ▒▒▒▒ ▒▒▒▒▒▒▒
